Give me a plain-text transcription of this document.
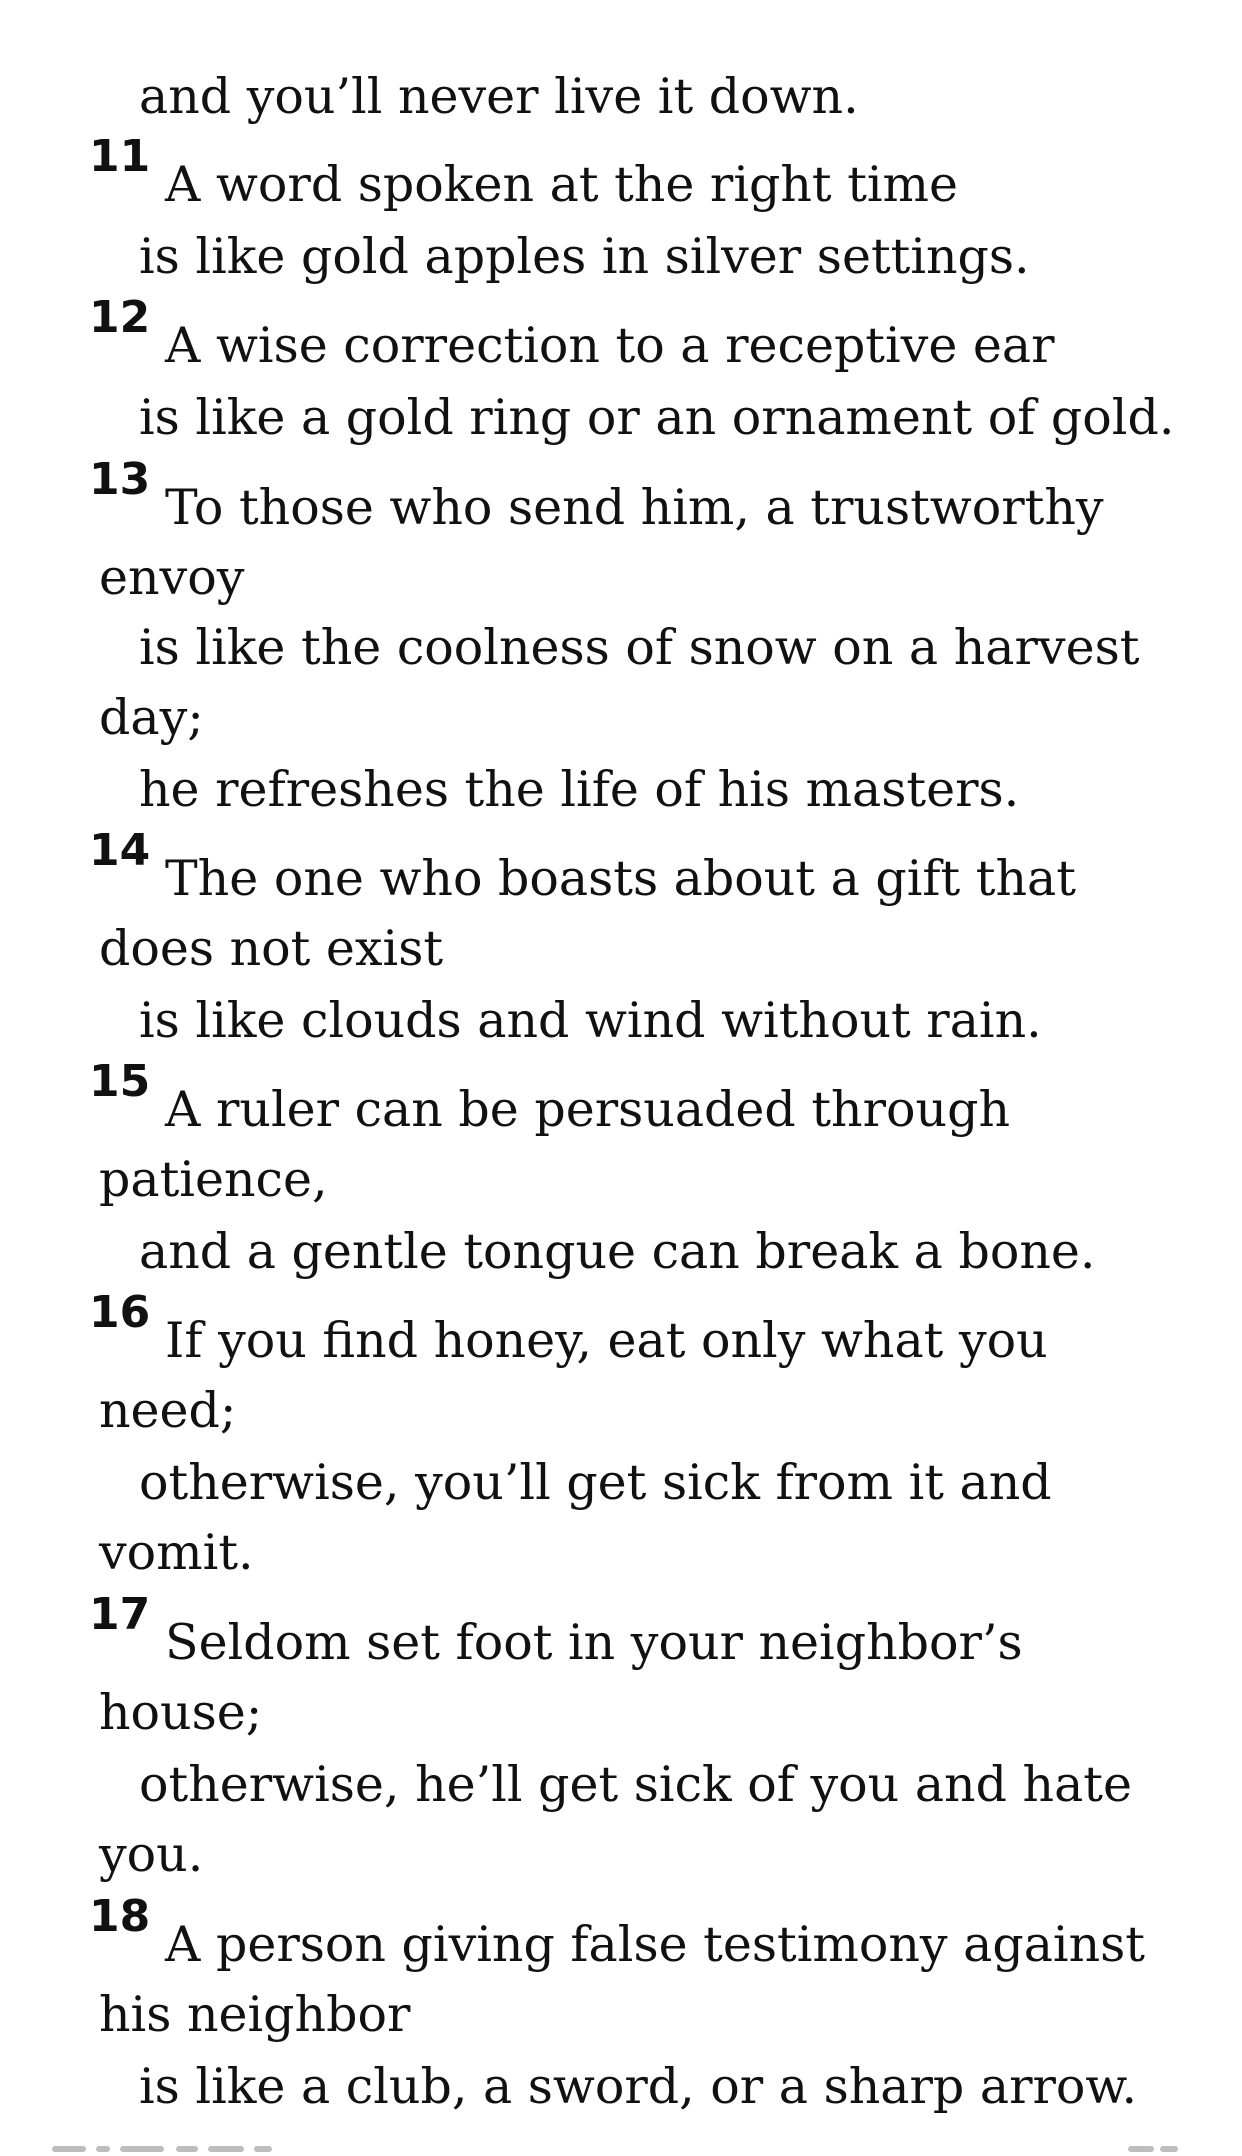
and you’ll never live it down.
11 A word spoken at the right time
is like gold apples in silver settings.
12 A wise correction to a receptive ear
is like a gold ring or an ornament of gold.
13 To those who send him, a trustworthy
envoy
is like the coolness of snow on a harvest
day;
he refreshes the life of his masters.
14 The one who boasts about a gift that
does not exist
is like clouds and wind without rain.
15 A ruler can be persuaded through
patience,
and a gentle tongue can break a bone.
16 If you find honey, eat only what you
need;
otherwise, you’ll get sick from it and
vomit.
17 Seldom set foot in your neighbor’s
house;
otherwise, he’ll get sick of you and hate
you.
18 A person giving false testimony against
his neighbor
is like a club, a sword, or a sharp arrow.
